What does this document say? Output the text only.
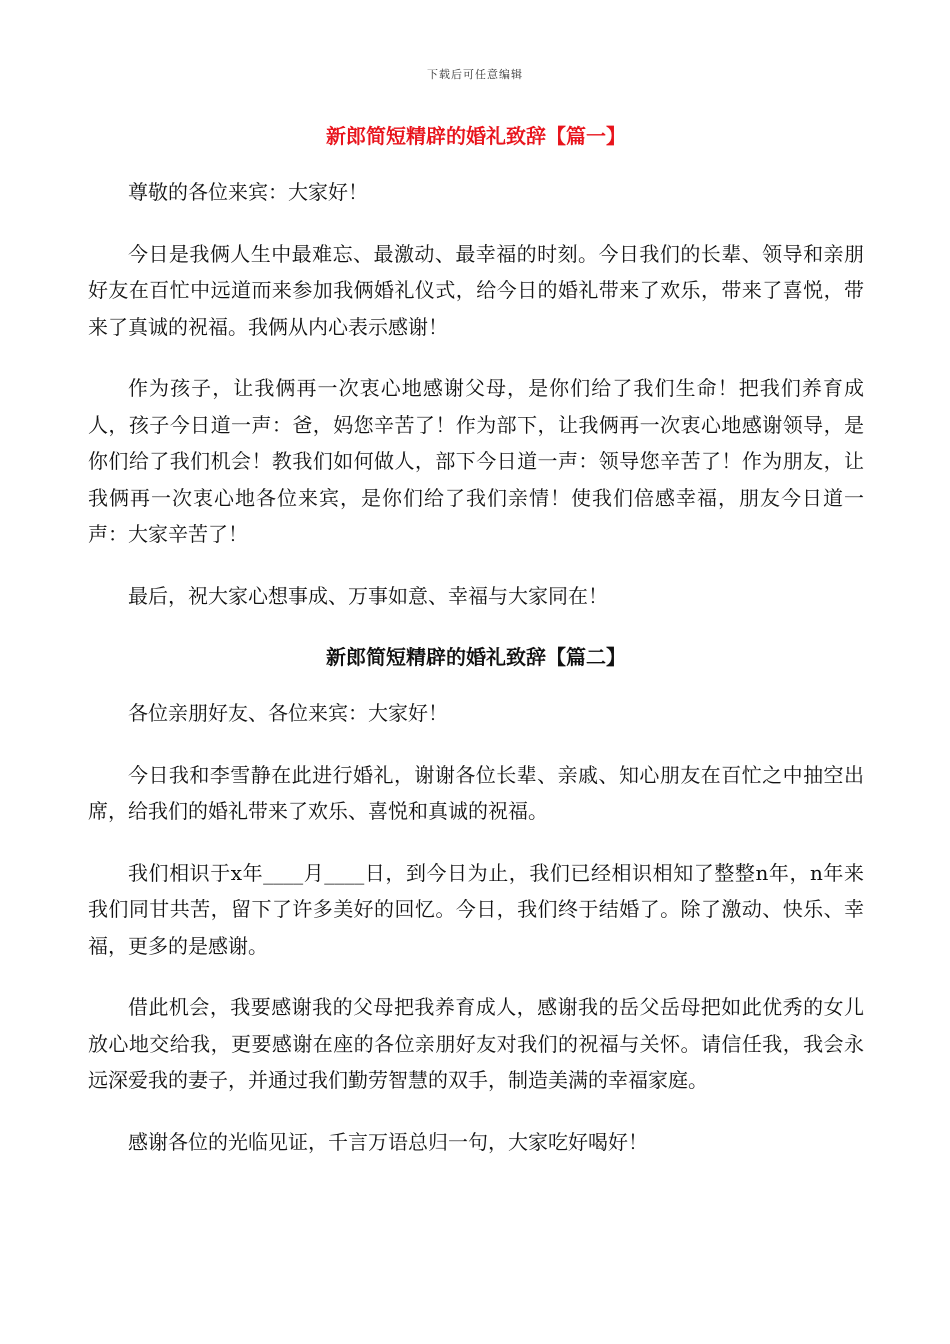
下载后可任意编辑
新郎简短精辟的婚礼致辞【篇一】

尊敬的各位来宾：大家好！

今日是我俩人生中最难忘、最激动、最幸福的时刻。今日我们的长辈、领导和亲朋好友在百忙中远道而来参加我俩婚礼仪式，给今日的婚礼带来了欢乐，带来了喜悦，带来了真诚的祝福。我俩从内心表示感谢！

作为孩子，让我俩再一次衷心地感谢父母，是你们给了我们生命！把我们养育成人，孩子今日道一声：爸，妈您辛苦了！作为部下，让我俩再一次衷心地感谢领导，是你们给了我们机会！教我们如何做人，部下今日道一声：领导您辛苦了！作为朋友，让我俩再一次衷心地各位来宾，是你们给了我们亲情！使我们倍感幸福，朋友今日道一声：大家辛苦了！

最后，祝大家心想事成、万事如意、幸福与大家同在！

新郎简短精辟的婚礼致辞【篇二】

各位亲朋好友、各位来宾：大家好！

今日我和李雪静在此进行婚礼，谢谢各位长辈、亲戚、知心朋友在百忙之中抽空出席，给我们的婚礼带来了欢乐、喜悦和真诚的祝福。

我们相识于x年____月____日，到今日为止，我们已经相识相知了整整n年，n年来我们同甘共苦，留下了许多美好的回忆。今日，我们终于结婚了。除了激动、快乐、幸福，更多的是感谢。

借此机会，我要感谢我的父母把我养育成人，感谢我的岳父岳母把如此优秀的女儿放心地交给我，更要感谢在座的各位亲朋好友对我们的祝福与关怀。请信任我，我会永远深爱我的妻子，并通过我们勤劳智慧的双手，制造美满的幸福家庭。

感谢各位的光临见证，千言万语总归一句，大家吃好喝好！
